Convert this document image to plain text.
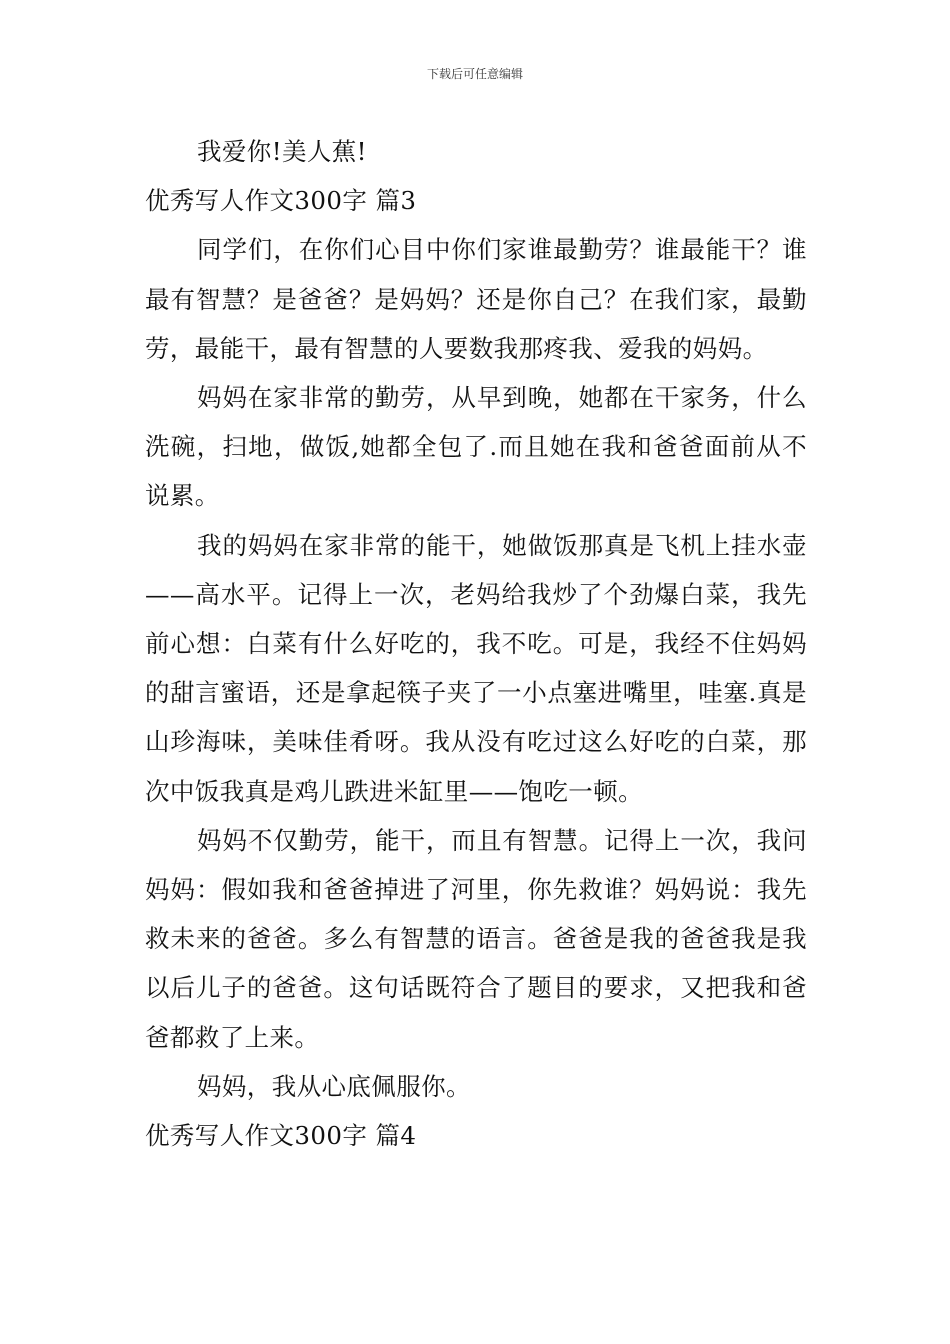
下载后可任意编辑

我爱你!美人蕉!

优秀写人作文300字 篇3

同学们，在你们心目中你们家谁最勤劳？谁最能干？谁最有智慧？是爸爸？是妈妈？还是你自己？在我们家，最勤劳，最能干，最有智慧的人要数我那疼我、爱我的妈妈。

妈妈在家非常的勤劳，从早到晚，她都在干家务，什么洗碗，扫地，做饭,她都全包了.而且她在我和爸爸面前从不说累。

我的妈妈在家非常的能干，她做饭那真是飞机上挂水壶——高水平。记得上一次，老妈给我炒了个劲爆白菜，我先前心想：白菜有什么好吃的，我不吃。可是，我经不住妈妈的甜言蜜语，还是拿起筷子夹了一小点塞进嘴里，哇塞.真是山珍海味，美味佳肴呀。我从没有吃过这么好吃的白菜，那次中饭我真是鸡儿跌进米缸里——饱吃一顿。

妈妈不仅勤劳，能干，而且有智慧。记得上一次，我问妈妈：假如我和爸爸掉进了河里，你先救谁？妈妈说：我先救未来的爸爸。多么有智慧的语言。爸爸是我的爸爸我是我以后儿子的爸爸。这句话既符合了题目的要求，又把我和爸爸都救了上来。

妈妈，我从心底佩服你。

优秀写人作文300字 篇4
